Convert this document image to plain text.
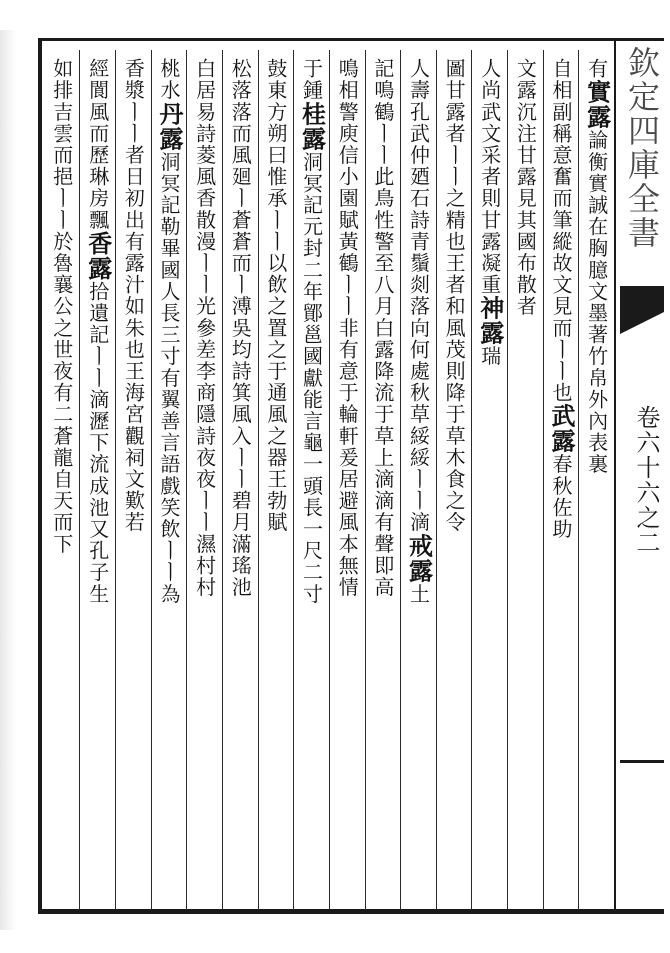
欽定四庫全書
卷六十六之二
有實露論衡實誠在胸臆文墨著竹帛外內表裏
自相副稱意奮而筆縱故文見而ㅣㅣ也武露春秋佐助
文露沉注甘露見其國布散者
人尚武文采者則甘露凝重神露瑞
圖甘露者ㅣㅣ之精也王者和風茂則降于草木食之令
人壽孔武仲廼石詩青鬚剡落向何處秋草綏綏ㅣㅣ滴戒露土
記鳴鶴ㅣㅣ此鳥性警至八月白露降流于草上滴滴有聲即高
鳴相警庾信小園賦黃鶴ㅣㅣ非有意于輪軒爰居避風本無情
于鍾桂露洞冥記元封二年鄮邕國獻能言龜一頭長一尺二寸
鼓東方朔曰惟承ㅣㅣ以飲之置之于通風之器王勃賦
松落落而風廻ㅣ蒼蒼而ㅣ溥吳均詩箕風入ㅣㅣ碧月滿瑤池
白居易詩菱風香散漫ㅣㅣ光參差李商隱詩夜夜ㅣㅣ濕村村
桃水丹露洞冥記勒畢國人長三寸有翼善言語戲笑飲ㅣㅣ為
香漿ㅣㅣ者日初出有露汁如朱也王海宮觀祠文歎若
經閬風而歷琳房飄香露拾遺記ㅣㅣ滴瀝下流成池又孔子生
如排吉雲而挹ㅣㅣ於魯襄公之世夜有二蒼龍自天而下
